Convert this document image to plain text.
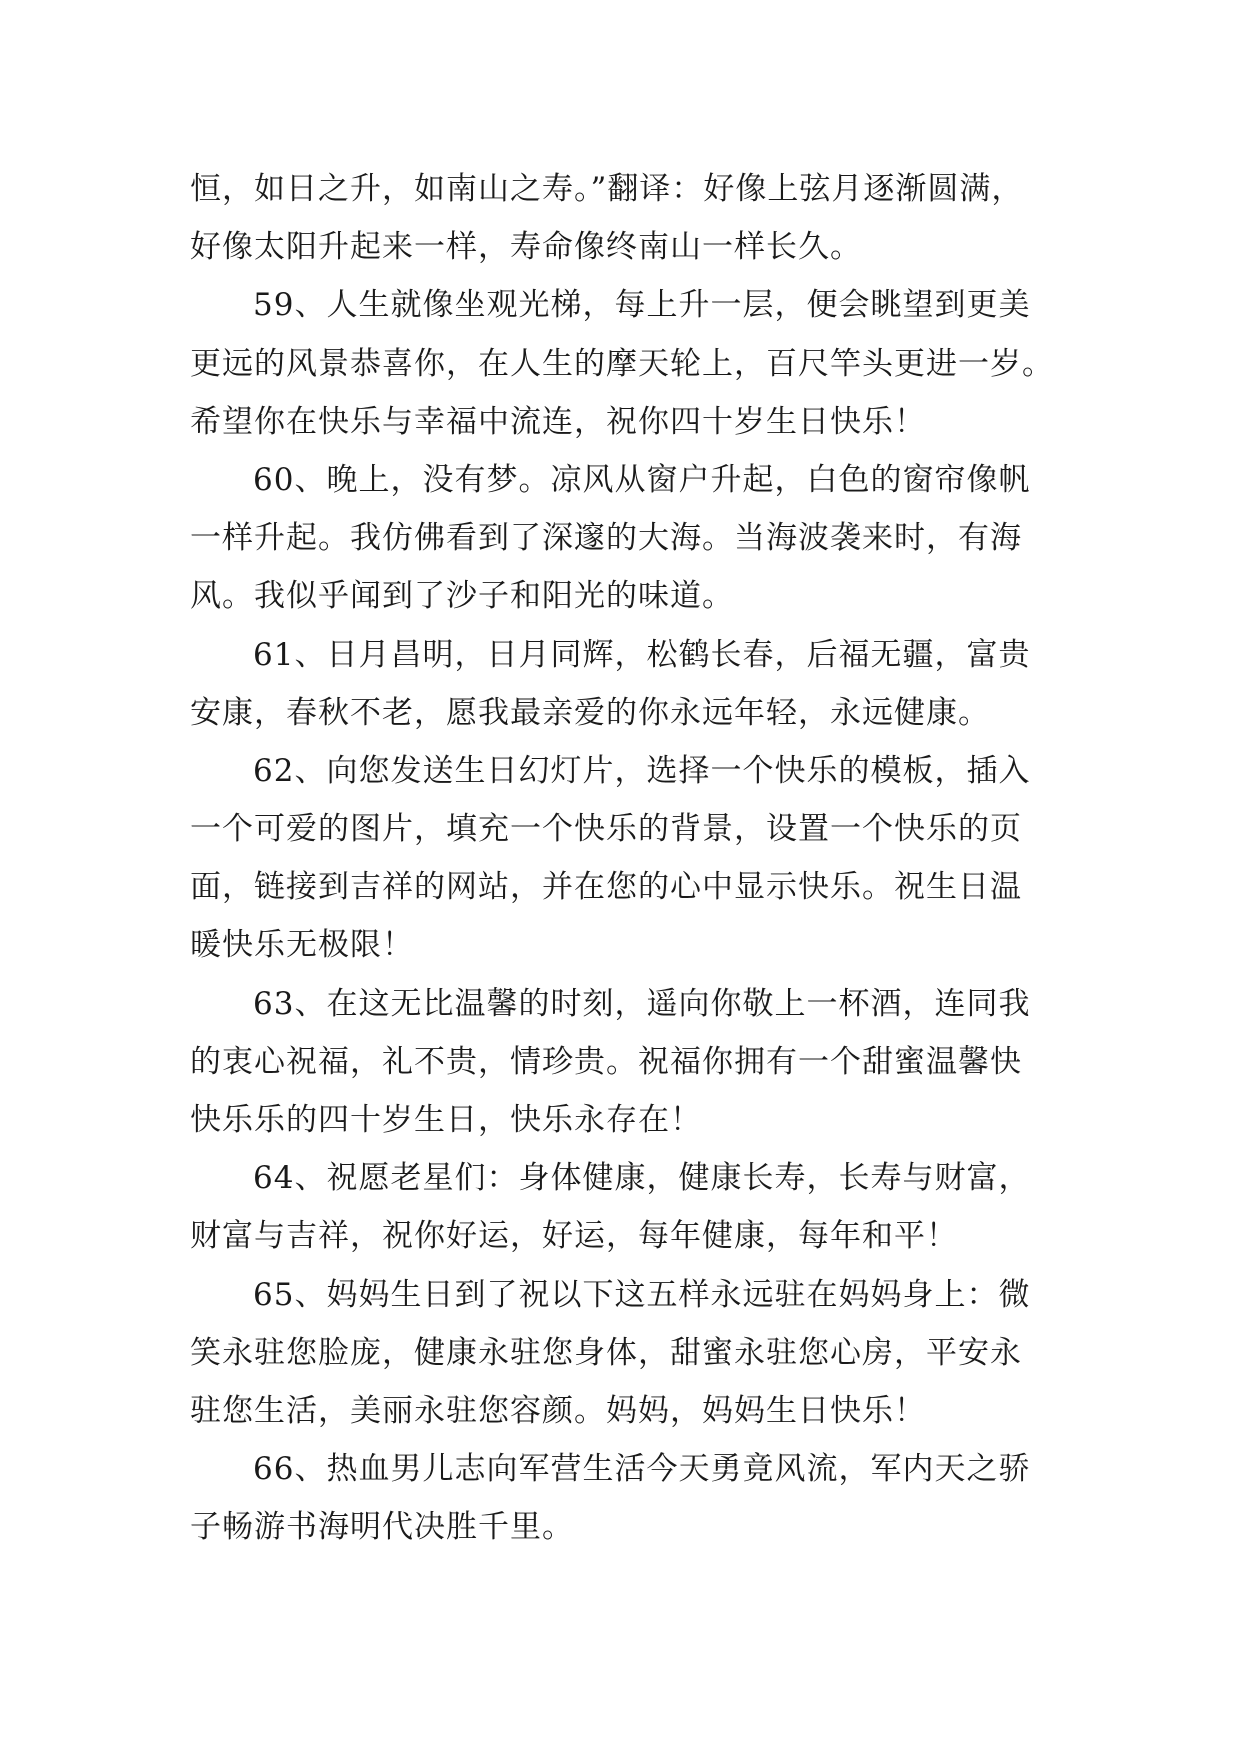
恒，如日之升，如南山之寿。”翻译：好像上弦月逐渐圆满，
好像太阳升起来一样，寿命像终南山一样长久。
59、人生就像坐观光梯，每上升一层，便会眺望到更美
更远的风景恭喜你，在人生的摩天轮上，百尺竿头更进一岁。
希望你在快乐与幸福中流连，祝你四十岁生日快乐！
60、晚上，没有梦。凉风从窗户升起，白色的窗帘像帆
一样升起。我仿佛看到了深邃的大海。当海波袭来时，有海
风。我似乎闻到了沙子和阳光的味道。
61、日月昌明，日月同辉，松鹤长春，后福无疆，富贵
安康，春秋不老，愿我最亲爱的你永远年轻，永远健康。
62、向您发送生日幻灯片，选择一个快乐的模板，插入
一个可爱的图片，填充一个快乐的背景，设置一个快乐的页
面，链接到吉祥的网站，并在您的心中显示快乐。祝生日温
暖快乐无极限！
63、在这无比温馨的时刻，遥向你敬上一杯酒，连同我
的衷心祝福，礼不贵，情珍贵。祝福你拥有一个甜蜜温馨快
快乐乐的四十岁生日，快乐永存在！
64、祝愿老星们：身体健康，健康长寿，长寿与财富，
财富与吉祥，祝你好运，好运，每年健康，每年和平！
65、妈妈生日到了祝以下这五样永远驻在妈妈身上：微
笑永驻您脸庞，健康永驻您身体，甜蜜永驻您心房，平安永
驻您生活，美丽永驻您容颜。妈妈，妈妈生日快乐！
66、热血男儿志向军营生活今天勇竟风流，军内天之骄
子畅游书海明代决胜千里。
